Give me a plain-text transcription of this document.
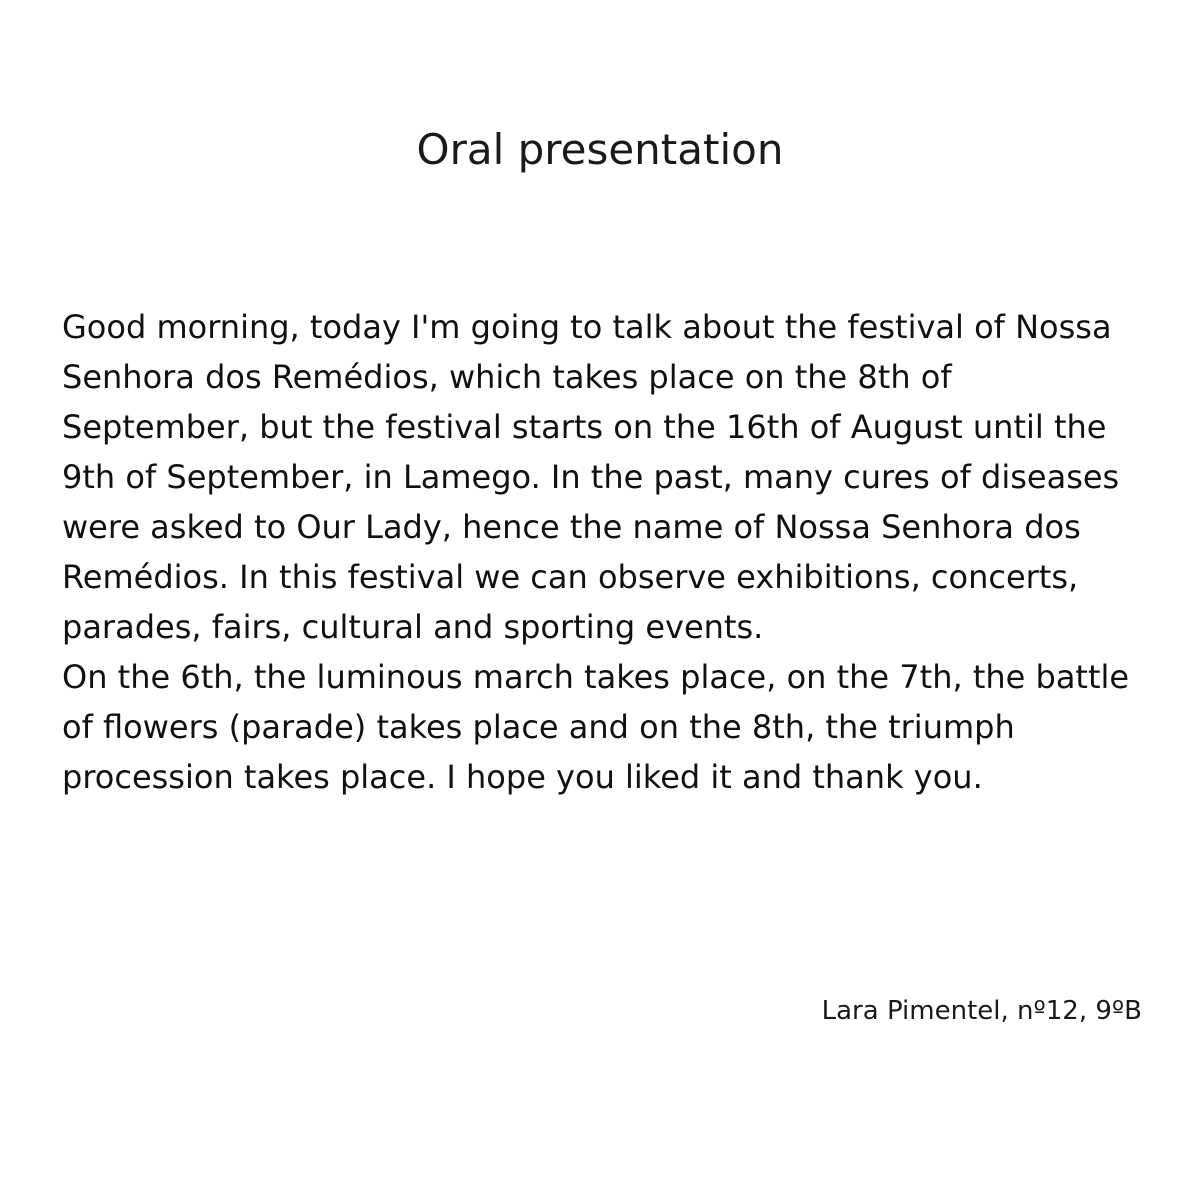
Oral presentation

Good morning, today I'm going to talk about the festival of Nossa Senhora dos Remédios, which takes place on the 8th of September, but the festival starts on the 16th of August until the 9th of September, in Lamego. In the past, many cures of diseases were asked to Our Lady, hence the name of Nossa Senhora dos Remédios. In this festival we can observe exhibitions, concerts, parades, fairs, cultural and sporting events.

On the 6th, the luminous march takes place, on the 7th, the battle of flowers (parade) takes place and on the 8th, the triumph procession takes place. I hope you liked it and thank you.

Lara Pimentel, nº12, 9ºB
